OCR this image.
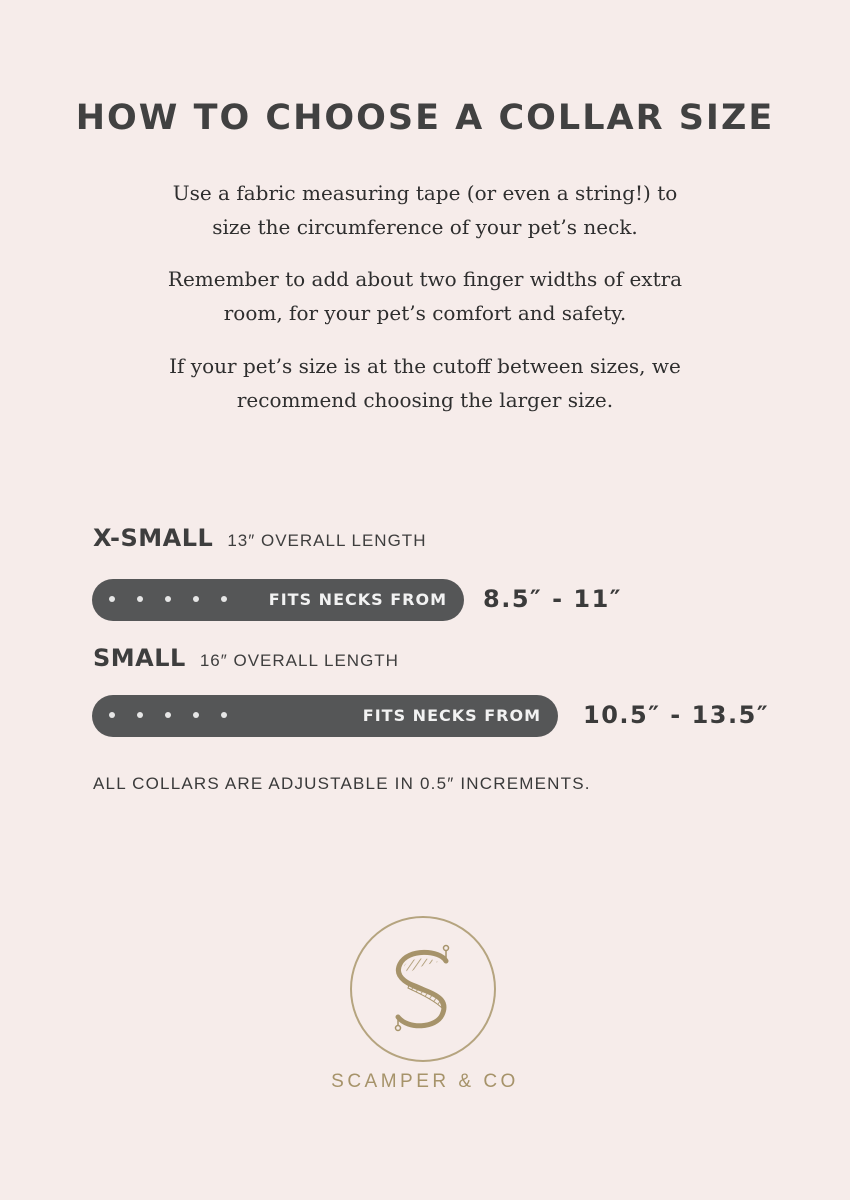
HOW TO CHOOSE A COLLAR SIZE
Use a fabric measuring tape (or even a string!) to
size the circumference of your pet’s neck.
Remember to add about two finger widths of extra
room, for your pet’s comfort and safety.
If your pet’s size is at the cutoff between sizes, we
recommend choosing the larger size.
X-SMALL 13″ OVERALL LENGTH
FITS NECKS FROM 8.5″ - 11″
SMALL 16″ OVERALL LENGTH
FITS NECKS FROM 10.5″ - 13.5″
ALL COLLARS ARE ADJUSTABLE IN 0.5″ INCREMENTS.
SCAMPER & CO
